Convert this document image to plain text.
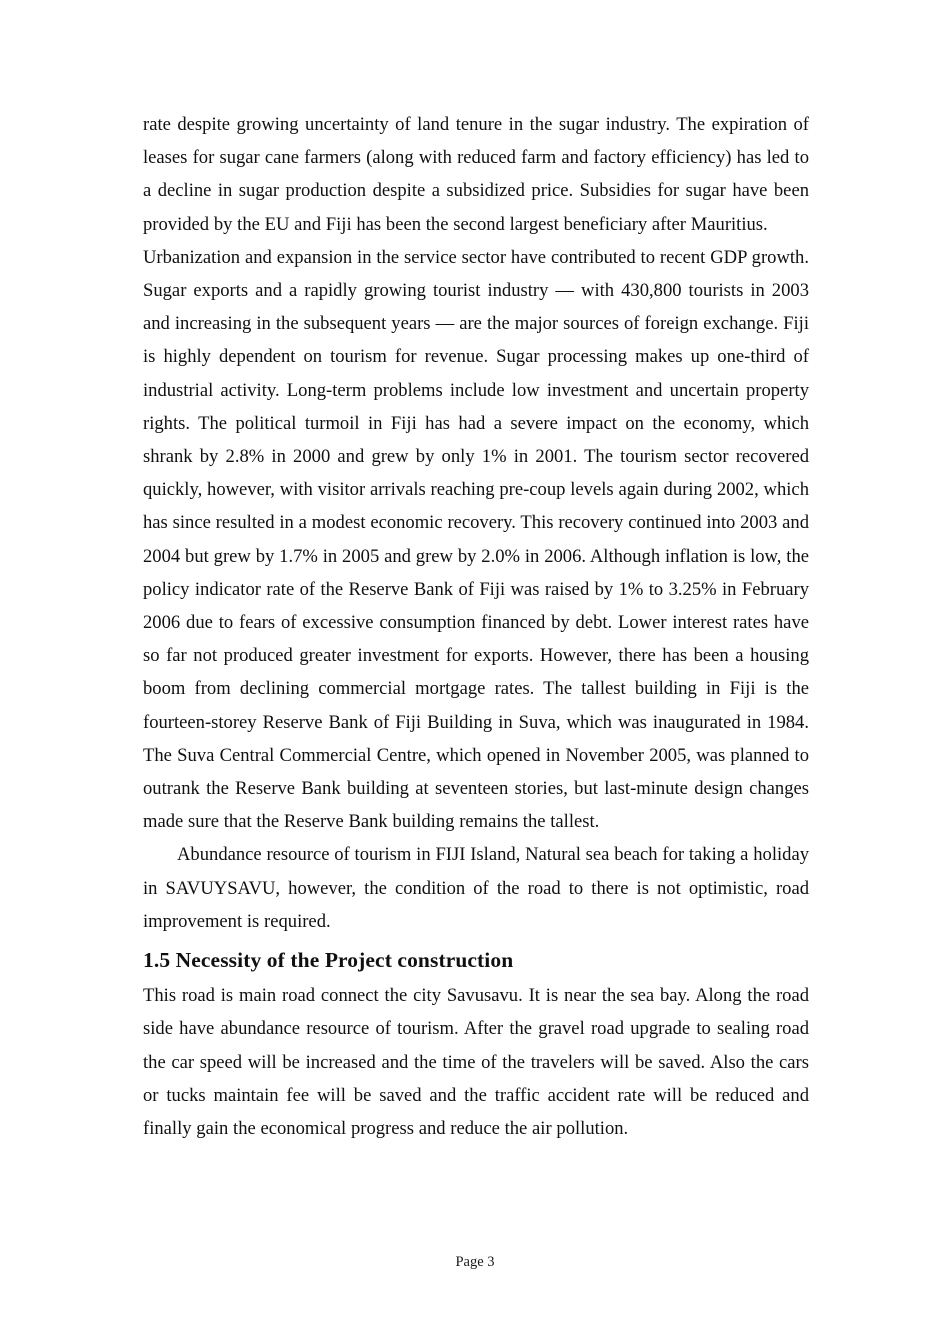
rate despite growing uncertainty of land tenure in the sugar industry. The expiration of leases for sugar cane farmers (along with reduced farm and factory efficiency) has led to a decline in sugar production despite a subsidized price. Subsidies for sugar have been provided by the EU and Fiji has been the second largest beneficiary after Mauritius.

Urbanization and expansion in the service sector have contributed to recent GDP growth. Sugar exports and a rapidly growing tourist industry — with 430,800 tourists in 2003 and increasing in the subsequent years — are the major sources of foreign exchange. Fiji is highly dependent on tourism for revenue. Sugar processing makes up one-third of industrial activity. Long-term problems include low investment and uncertain property rights. The political turmoil in Fiji has had a severe impact on the economy, which shrank by 2.8% in 2000 and grew by only 1% in 2001. The tourism sector recovered quickly, however, with visitor arrivals reaching pre-coup levels again during 2002, which has since resulted in a modest economic recovery. This recovery continued into 2003 and 2004 but grew by 1.7% in 2005 and grew by 2.0% in 2006. Although inflation is low, the policy indicator rate of the Reserve Bank of Fiji was raised by 1% to 3.25% in February 2006 due to fears of excessive consumption financed by debt. Lower interest rates have so far not produced greater investment for exports. However, there has been a housing boom from declining commercial mortgage rates. The tallest building in Fiji is the fourteen-storey Reserve Bank of Fiji Building in Suva, which was inaugurated in 1984. The Suva Central Commercial Centre, which opened in November 2005, was planned to outrank the Reserve Bank building at seventeen stories, but last-minute design changes made sure that the Reserve Bank building remains the tallest.

Abundance resource of tourism in FIJI Island, Natural sea beach for taking a holiday in SAVUYSAVU, however, the condition of the road to there is not optimistic, road improvement is required.

1.5 Necessity of the Project construction

This road is main road connect the city Savusavu. It is near the sea bay. Along the road side have abundance resource of tourism. After the gravel road upgrade to sealing road the car speed will be increased and the time of the travelers will be saved. Also the cars or tucks maintain fee will be saved and the traffic accident rate will be reduced and finally gain the economical progress and reduce the air pollution.

Page 3
